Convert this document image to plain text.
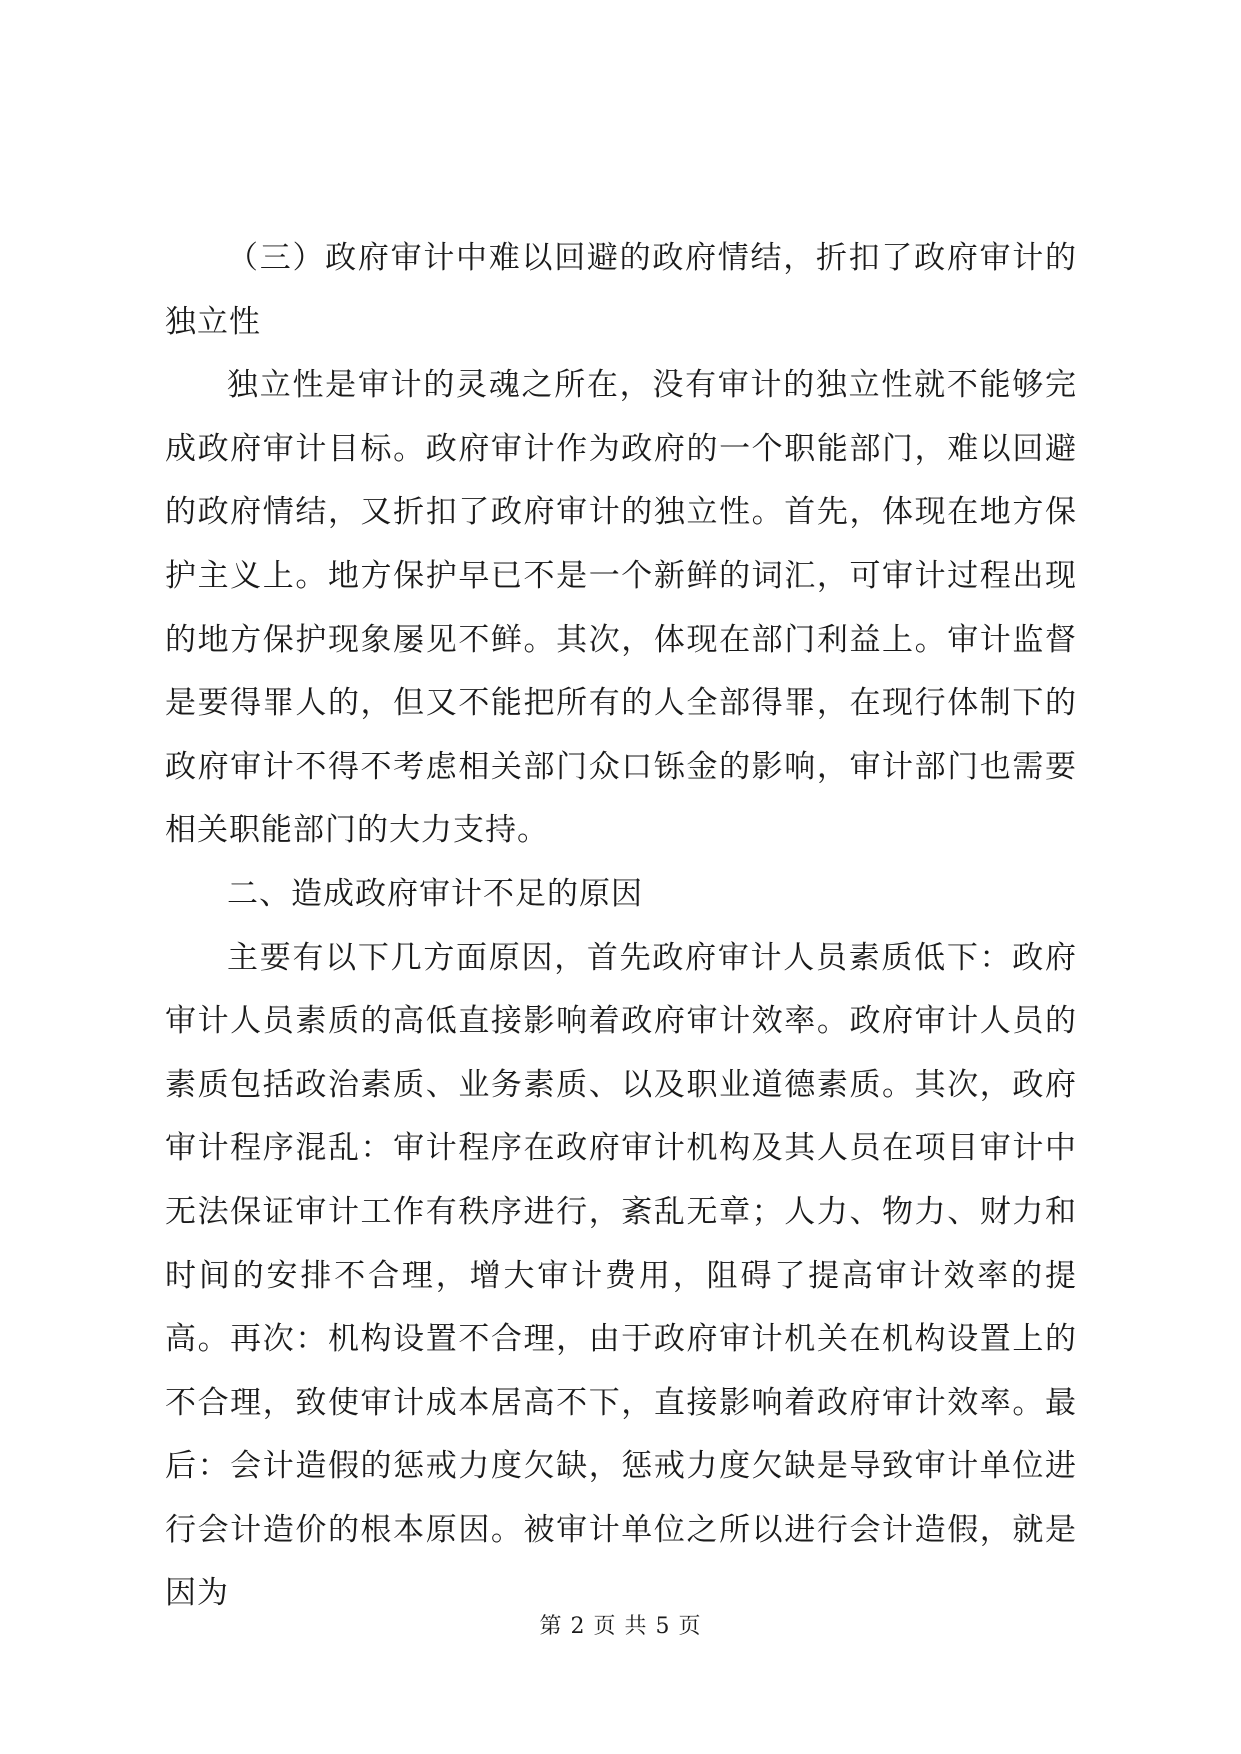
（三）政府审计中难以回避的政府情结，折扣了政府审计的独立性

独立性是审计的灵魂之所在，没有审计的独立性就不能够完成政府审计目标。政府审计作为政府的一个职能部门，难以回避的政府情结，又折扣了政府审计的独立性。首先，体现在地方保护主义上。地方保护早已不是一个新鲜的词汇，可审计过程出现的地方保护现象屡见不鲜。其次，体现在部门利益上。审计监督是要得罪人的，但又不能把所有的人全部得罪，在现行体制下的政府审计不得不考虑相关部门众口铄金的影响，审计部门也需要相关职能部门的大力支持。

二、造成政府审计不足的原因

主要有以下几方面原因，首先政府审计人员素质低下：政府审计人员素质的高低直接影响着政府审计效率。政府审计人员的素质包括政治素质、业务素质、以及职业道德素质。其次，政府审计程序混乱：审计程序在政府审计机构及其人员在项目审计中无法保证审计工作有秩序进行，紊乱无章；人力、物力、财力和时间的安排不合理，增大审计费用，阻碍了提高审计效率的提高。再次：机构设置不合理，由于政府审计机关在机构设置上的不合理，致使审计成本居高不下，直接影响着政府审计效率。最后：会计造假的惩戒力度欠缺，惩戒力度欠缺是导致审计单位进行会计造价的根本原因。被审计单位之所以进行会计造假，就是因为

第 2 页 共 5 页
